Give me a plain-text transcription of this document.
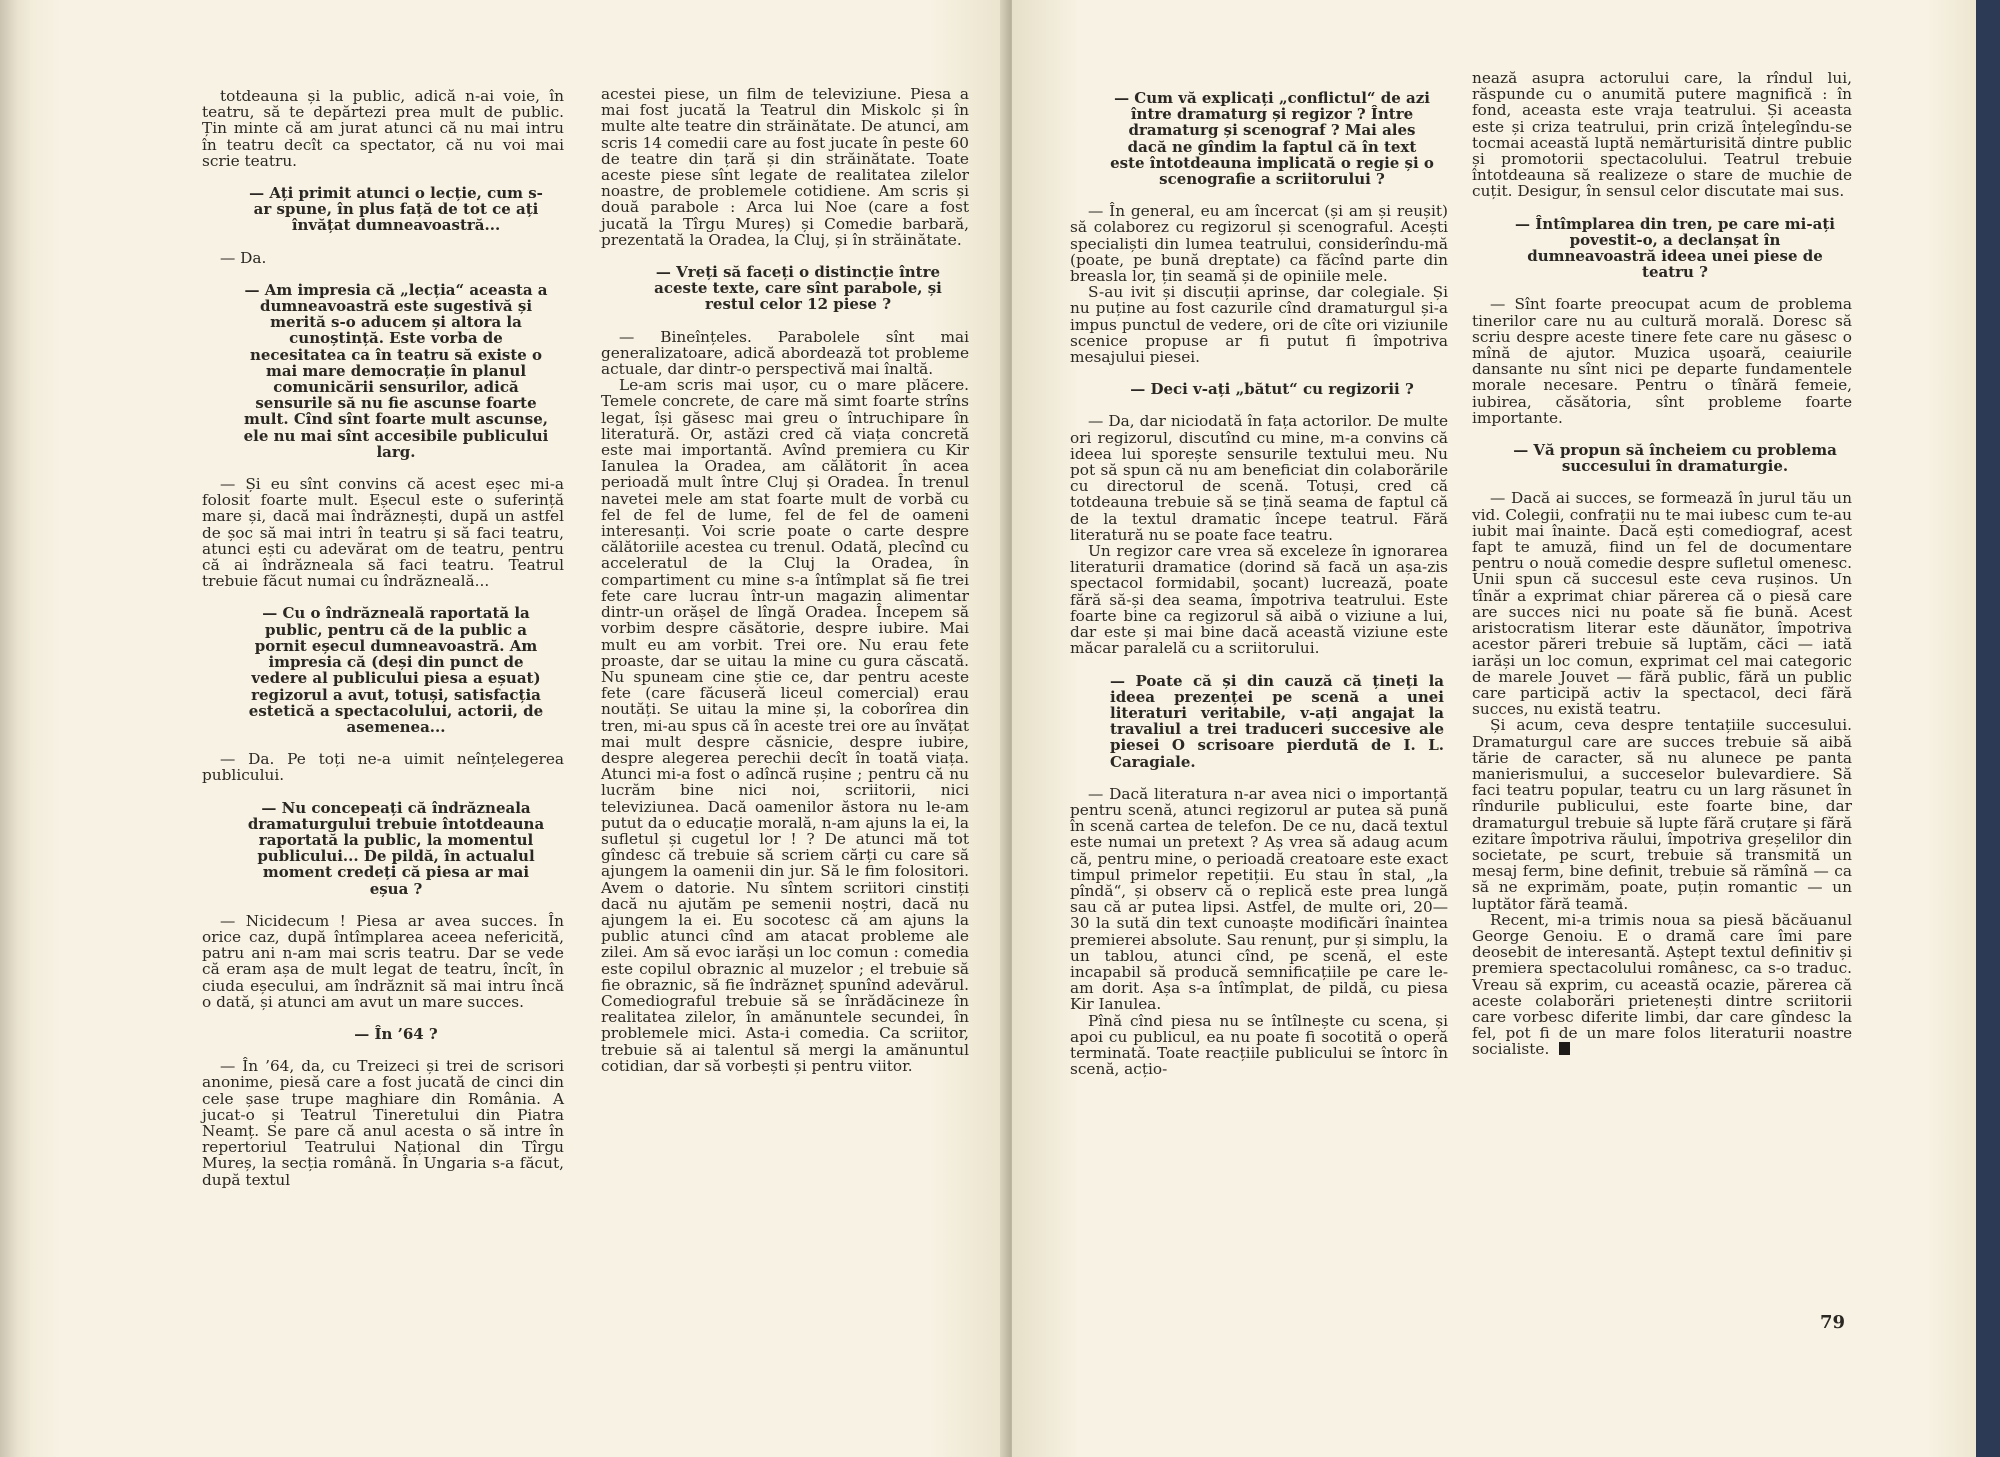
totdeauna și la public, adică n-ai voie, în teatru, să te depărtezi prea mult de public. Țin minte că am jurat atunci că nu mai intru în teatru decît ca spectator, că nu voi mai scrie teatru.

— Ați primit atunci o lecție, cum s-ar spune, în plus față de tot ce ați învățat dumneavoastră...

— Da.

— Am impresia că „lecția“ aceasta a dumneavoastră este sugestivă și merită s-o aducem și altora la cunoștință. Este vorba de necesitatea ca în teatru să existe o mai mare democrație în planul comunicării sensurilor, adică sensurile să nu fie ascunse foarte mult. Cînd sînt foarte mult ascunse, ele nu mai sînt accesibile publicului larg.

— Și eu sînt convins că acest eșec mi-a folosit foarte mult. Eșecul este o suferință mare și, dacă mai îndrăznești, după un astfel de șoc să mai intri în teatru și să faci teatru, atunci ești cu adevărat om de teatru, pentru că ai îndrăzneala să faci teatru. Teatrul trebuie făcut numai cu îndrăzneală...

— Cu o îndrăzneală raportată la public, pentru că de la public a pornit eșecul dumneavoastră. Am impresia că (deși din punct de vedere al publicului piesa a eșuat) regizorul a avut, totuși, satisfacția estetică a spectacolului, actorii, de asemenea...

— Da. Pe toți ne-a uimit neînțelegerea publicului.

— Nu concepeați că îndrăzneala dramaturgului trebuie întotdeauna raportată la public, la momentul publicului... De pildă, în actualul moment credeți că piesa ar mai eșua ?

— Nicidecum ! Piesa ar avea succes. În orice caz, după întîmplarea aceea nefericită, patru ani n-am mai scris teatru. Dar se vede că eram așa de mult legat de teatru, încît, în ciuda eșecului, am îndrăznit să mai intru încă o dată, și atunci am avut un mare succes.

— În ’64 ?

— În ’64, da, cu Treizeci și trei de scrisori anonime, piesă care a fost jucată de cinci din cele șase trupe maghiare din România. A jucat-o și Teatrul Tineretului din Piatra Neamț. Se pare că anul acesta o să intre în repertoriul Teatrului Național din Tîrgu Mureș, la secția română. În Ungaria s-a făcut, după textul

acestei piese, un film de televiziune. Piesa a mai fost jucată la Teatrul din Miskolc și în multe alte teatre din străinătate. De atunci, am scris 14 comedii care au fost jucate în peste 60 de teatre din țară și din străinătate. Toate aceste piese sînt legate de realitatea zilelor noastre, de problemele cotidiene. Am scris și două parabole : Arca lui Noe (care a fost jucată la Tîrgu Mureș) și Comedie barbară, prezentată la Oradea, la Cluj, și în străinătate.

— Vreți să faceți o distincție între aceste texte, care sînt parabole, și restul celor 12 piese ?

— Bineînțeles. Parabolele sînt mai generalizatoare, adică abordează tot probleme actuale, dar dintr-o perspectivă mai înaltă.

Le-am scris mai ușor, cu o mare plăcere. Temele concrete, de care mă simt foarte strîns legat, își găsesc mai greu o întruchipare în literatură. Or, astăzi cred că viața concretă este mai importantă. Avînd premiera cu Kir Ianulea la Oradea, am călătorit în acea perioadă mult între Cluj și Oradea. În trenul navetei mele am stat foarte mult de vorbă cu fel de fel de lume, fel de fel de oameni interesanți. Voi scrie poate o carte despre călătoriile acestea cu trenul. Odată, plecînd cu acceleratul de la Cluj la Oradea, în compartiment cu mine s-a întîmplat să fie trei fete care lucrau într-un magazin alimentar dintr-un orășel de lîngă Oradea. Începem să vorbim despre căsătorie, despre iubire. Mai mult eu am vorbit. Trei ore. Nu erau fete proaste, dar se uitau la mine cu gura căscată. Nu spuneam cine știe ce, dar pentru aceste fete (care făcuseră liceul comercial) erau noutăți. Se uitau la mine și, la coborîrea din tren, mi-au spus că în aceste trei ore au învățat mai mult despre căsnicie, despre iubire, despre alegerea perechii decît în toată viața. Atunci mi-a fost o adîncă rușine ; pentru că nu lucrăm bine nici noi, scriitorii, nici televiziunea. Dacă oamenilor ăstora nu le-am putut da o educație morală, n-am ajuns la ei, la sufletul și cugetul lor ! ? De atunci mă tot gîndesc că trebuie să scriem cărți cu care să ajungem la oamenii din jur. Să le fim folositori. Avem o datorie. Nu sîntem scriitori cinstiți dacă nu ajutăm pe semenii noștri, dacă nu ajungem la ei. Eu socotesc că am ajuns la public atunci cînd am atacat probleme ale zilei. Am să evoc iarăși un loc comun : comedia este copilul obraznic al muzelor ; el trebuie să fie obraznic, să fie îndrăzneț spunînd adevărul. Comediograful trebuie să se înrădăcineze în realitatea zilelor, în amănuntele secundei, în problemele mici. Asta-i comedia. Ca scriitor, trebuie să ai talentul să mergi la amănuntul cotidian, dar să vorbești și pentru viitor.

— Cum vă explicați „conflictul“ de azi între dramaturg și regizor ? Între dramaturg și scenograf ? Mai ales dacă ne gîndim la faptul că în text este întotdeauna implicată o regie și o scenografie a scriitorului ?

— În general, eu am încercat (și am și reușit) să colaborez cu regizorul și scenograful. Acești specialiști din lumea teatrului, considerîndu-mă (poate, pe bună dreptate) ca făcînd parte din breasla lor, țin seamă și de opiniile mele.

S-au ivit și discuții aprinse, dar colegiale. Și nu puține au fost cazurile cînd dramaturgul și-a impus punctul de vedere, ori de cîte ori viziunile scenice propuse ar fi putut fi împotriva mesajului piesei.

— Deci v-ați „bătut“ cu regizorii ?

— Da, dar niciodată în fața actorilor. De multe ori regizorul, discutînd cu mine, m-a convins că ideea lui sporește sensurile textului meu. Nu pot să spun că nu am beneficiat din colaborările cu directorul de scenă. Totuși, cred că totdeauna trebuie să se țină seama de faptul că de la textul dramatic începe teatrul. Fără literatură nu se poate face teatru.

Un regizor care vrea să exceleze în ignorarea literaturii dramatice (dorind să facă un așa-zis spectacol formidabil, șocant) lucrează, poate fără să-și dea seama, împotriva teatrului. Este foarte bine ca regizorul să aibă o viziune a lui, dar este și mai bine dacă această viziune este măcar paralelă cu a scriitorului.

— Poate că și din cauză că țineți la ideea prezenței pe scenă a unei literaturi veritabile, v-ați angajat la travaliul a trei traduceri succesive ale piesei O scrisoare pierdută de I. L. Caragiale.

— Dacă literatura n-ar avea nici o importanță pentru scenă, atunci regizorul ar putea să pună în scenă cartea de telefon. De ce nu, dacă textul este numai un pretext ? Aș vrea să adaug acum că, pentru mine, o perioadă creatoare este exact timpul primelor repetiții. Eu stau în stal, „la pîndă“, și observ că o replică este prea lungă sau că ar putea lipsi. Astfel, de multe ori, 20—30 la sută din text cunoaște modificări înaintea premierei absolute. Sau renunț, pur și simplu, la un tablou, atunci cînd, pe scenă, el este incapabil să producă semnificațiile pe care le-am dorit. Așa s-a întîmplat, de pildă, cu piesa Kir Ianulea.

Pînă cînd piesa nu se întîlnește cu scena, și apoi cu publicul, ea nu poate fi socotită o operă terminată. Toate reacțiile publicului se întorc în scenă, acțio-

nează asupra actorului care, la rîndul lui, răspunde cu o anumită putere magnifică : în fond, aceasta este vraja teatrului. Și aceasta este și criza teatrului, prin criză înțelegîndu-se tocmai această luptă nemărturisită dintre public și promotorii spectacolului. Teatrul trebuie întotdeauna să realizeze o stare de muchie de cuțit. Desigur, în sensul celor discutate mai sus.

— Întîmplarea din tren, pe care mi-ați povestit-o, a declanșat în dumneavoastră ideea unei piese de teatru ?

— Sînt foarte preocupat acum de problema tinerilor care nu au cultură morală. Doresc să scriu despre aceste tinere fete care nu găsesc o mînă de ajutor. Muzica ușoară, ceaiurile dansante nu sînt nici pe departe fundamentele morale necesare. Pentru o tînără femeie, iubirea, căsătoria, sînt probleme foarte importante.

— Vă propun să încheiem cu problema succesului în dramaturgie.

— Dacă ai succes, se formează în jurul tău un vid. Colegii, confrații nu te mai iubesc cum te-au iubit mai înainte. Dacă ești comediograf, acest fapt te amuză, fiind un fel de documentare pentru o nouă comedie despre sufletul omenesc. Unii spun că succesul este ceva rușinos. Un tînăr a exprimat chiar părerea că o piesă care are succes nici nu poate să fie bună. Acest aristocratism literar este dăunător, împotriva acestor păreri trebuie să luptăm, căci — iată iarăși un loc comun, exprimat cel mai categoric de marele Jouvet — fără public, fără un public care participă activ la spectacol, deci fără succes, nu există teatru.

Și acum, ceva despre tentațiile succesului. Dramaturgul care are succes trebuie să aibă tărie de caracter, să nu alunece pe panta manierismului, a succeselor bulevardiere. Să faci teatru popular, teatru cu un larg răsunet în rîndurile publicului, este foarte bine, dar dramaturgul trebuie să lupte fără cruțare și fără ezitare împotriva răului, împotriva greșelilor din societate, pe scurt, trebuie să transmită un mesaj ferm, bine definit, trebuie să rămînă — ca să ne exprimăm, poate, puțin romantic — un luptător fără teamă.

Recent, mi-a trimis noua sa piesă băcăuanul George Genoiu. E o dramă care îmi pare deosebit de interesantă. Aștept textul definitiv și premiera spectacolului românesc, ca s-o traduc. Vreau să exprim, cu această ocazie, părerea că aceste colaborări prietenești dintre scriitorii care vorbesc diferite limbi, dar care gîndesc la fel, pot fi de un mare folos literaturii noastre socialiste.

79
